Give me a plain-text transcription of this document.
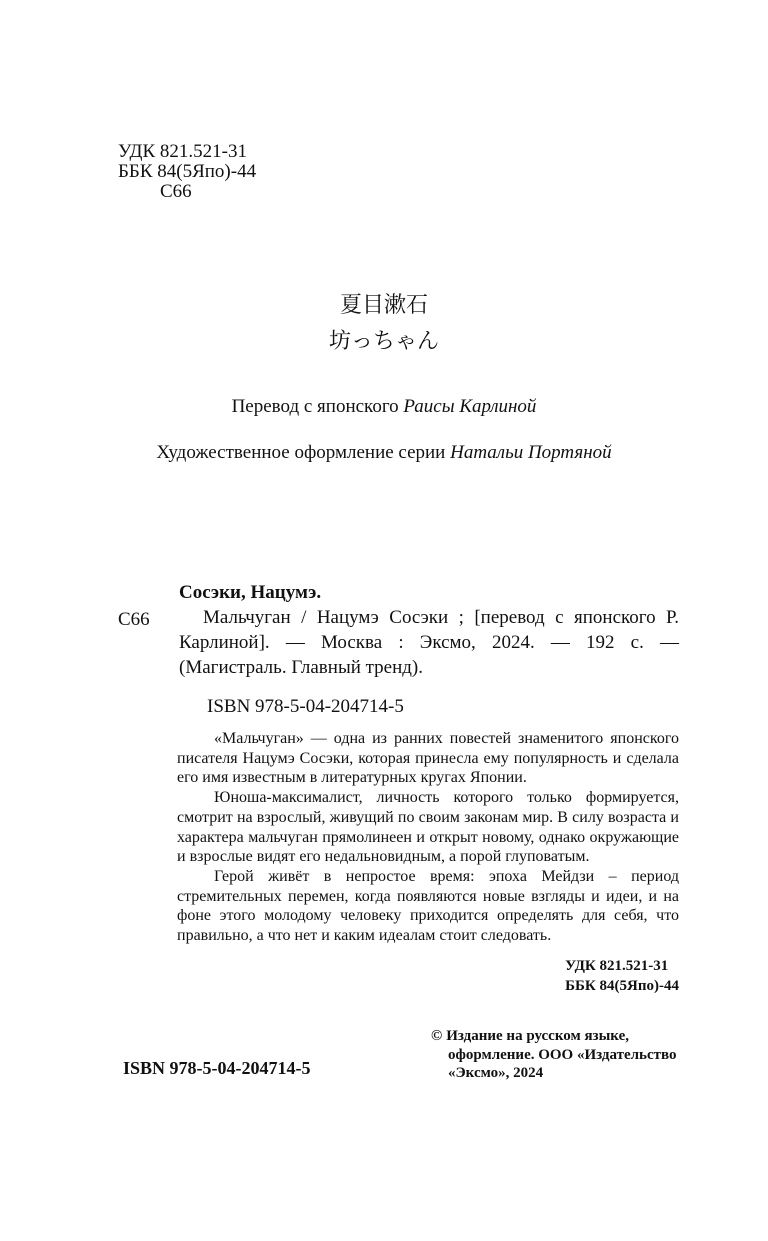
УДК 821.521-31
ББК 84(5Япо)-44
С66
夏目漱石
坊っちゃん
Перевод с японского Раисы Карлиной
Художественное оформление серии Натальи Портяной
Сосэки, Нацумэ.
С66	Мальчуган / Нацумэ Сосэки ; [перевод с японского Р. Карлиной]. — Москва : Эксмо, 2024. — 192 с. — (Магистраль. Главный тренд).
ISBN 978-5-04-204714-5

«Мальчуган» — одна из ранних повестей знаменитого японского писателя Нацумэ Сосэки, которая принесла ему популярность и сделала его имя известным в литературных кругах Японии.

Юноша-максималист, личность которого только формируется, смотрит на взрослый, живущий по своим законам мир. В силу возраста и характера мальчуган прямолинеен и открыт новому, однако окружающие и взрослые видят его недальновидным, а порой глуповатым.

Герой живёт в непростое время: эпоха Мейдзи – период стремительных перемен, когда появляются новые взгляды и идеи, и на фоне этого молодому человеку приходится определять для себя, что правильно, а что нет и каким идеалам стоит следовать.

УДК 821.521-31
ББК 84(5Япо)-44
© Издание на русском языке,
оформление. ООО «Издательство
«Эксмо», 2024
ISBN 978-5-04-204714-5
